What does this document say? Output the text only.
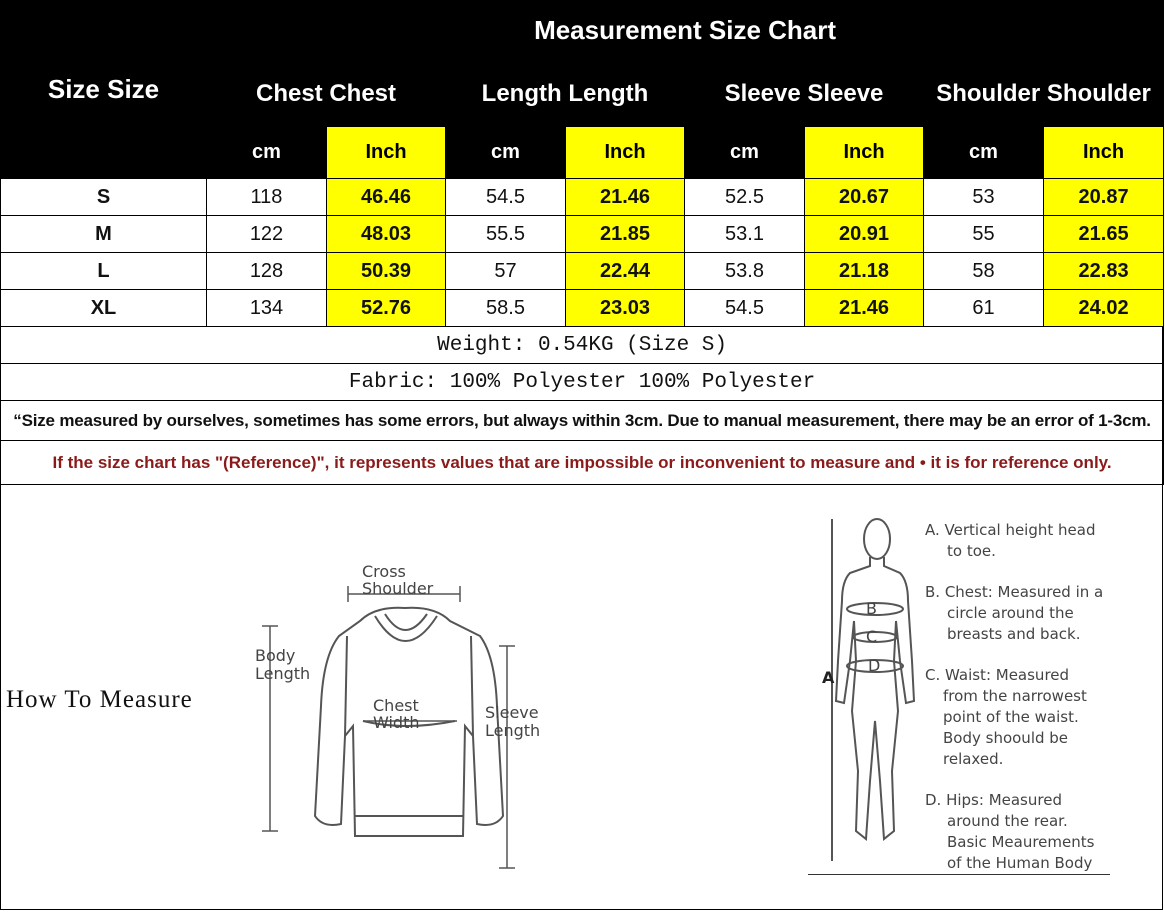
Size Size	Measurement Size Chart							
	Chest Chest		Length Length		Sleeve Sleeve		Shoulder Shoulder	
	cm	Inch	cm	Inch	cm	Inch	cm	Inch
S	118	46.46	54.5	21.46	52.5	20.67	53	20.87
M	122	48.03	55.5	21.85	53.1	20.91	55	21.65
L	128	50.39	57	22.44	53.8	21.18	58	22.83
XL	134	52.76	58.5	23.03	54.5	21.46	61	24.02
Weight: 0.54KG (Size S)								
Fabric: 100% Polyester 100% Polyester								
“Size measured by ourselves, sometimes has some errors, but always within 3cm. Due to manual measurement, there may be an error of 1-3cm.								
If the size chart has "(Reference)", it represents values that are impossible or inconvenient to measure and • it is for reference only.								
How To Measure
Cross
Shoulder
Body
Length
Chest
Width
Sleeve
Length
B
C
D
A
A. Vertical height head
to toe.
B. Chest: Measured in a
circle around the
breasts and back.
C. Waist: Measured
from the narrowest
point of the waist.
Body shoould be
relaxed.
D. Hips: Measured
around the rear.
Basic Meaurements
of the Human Body
